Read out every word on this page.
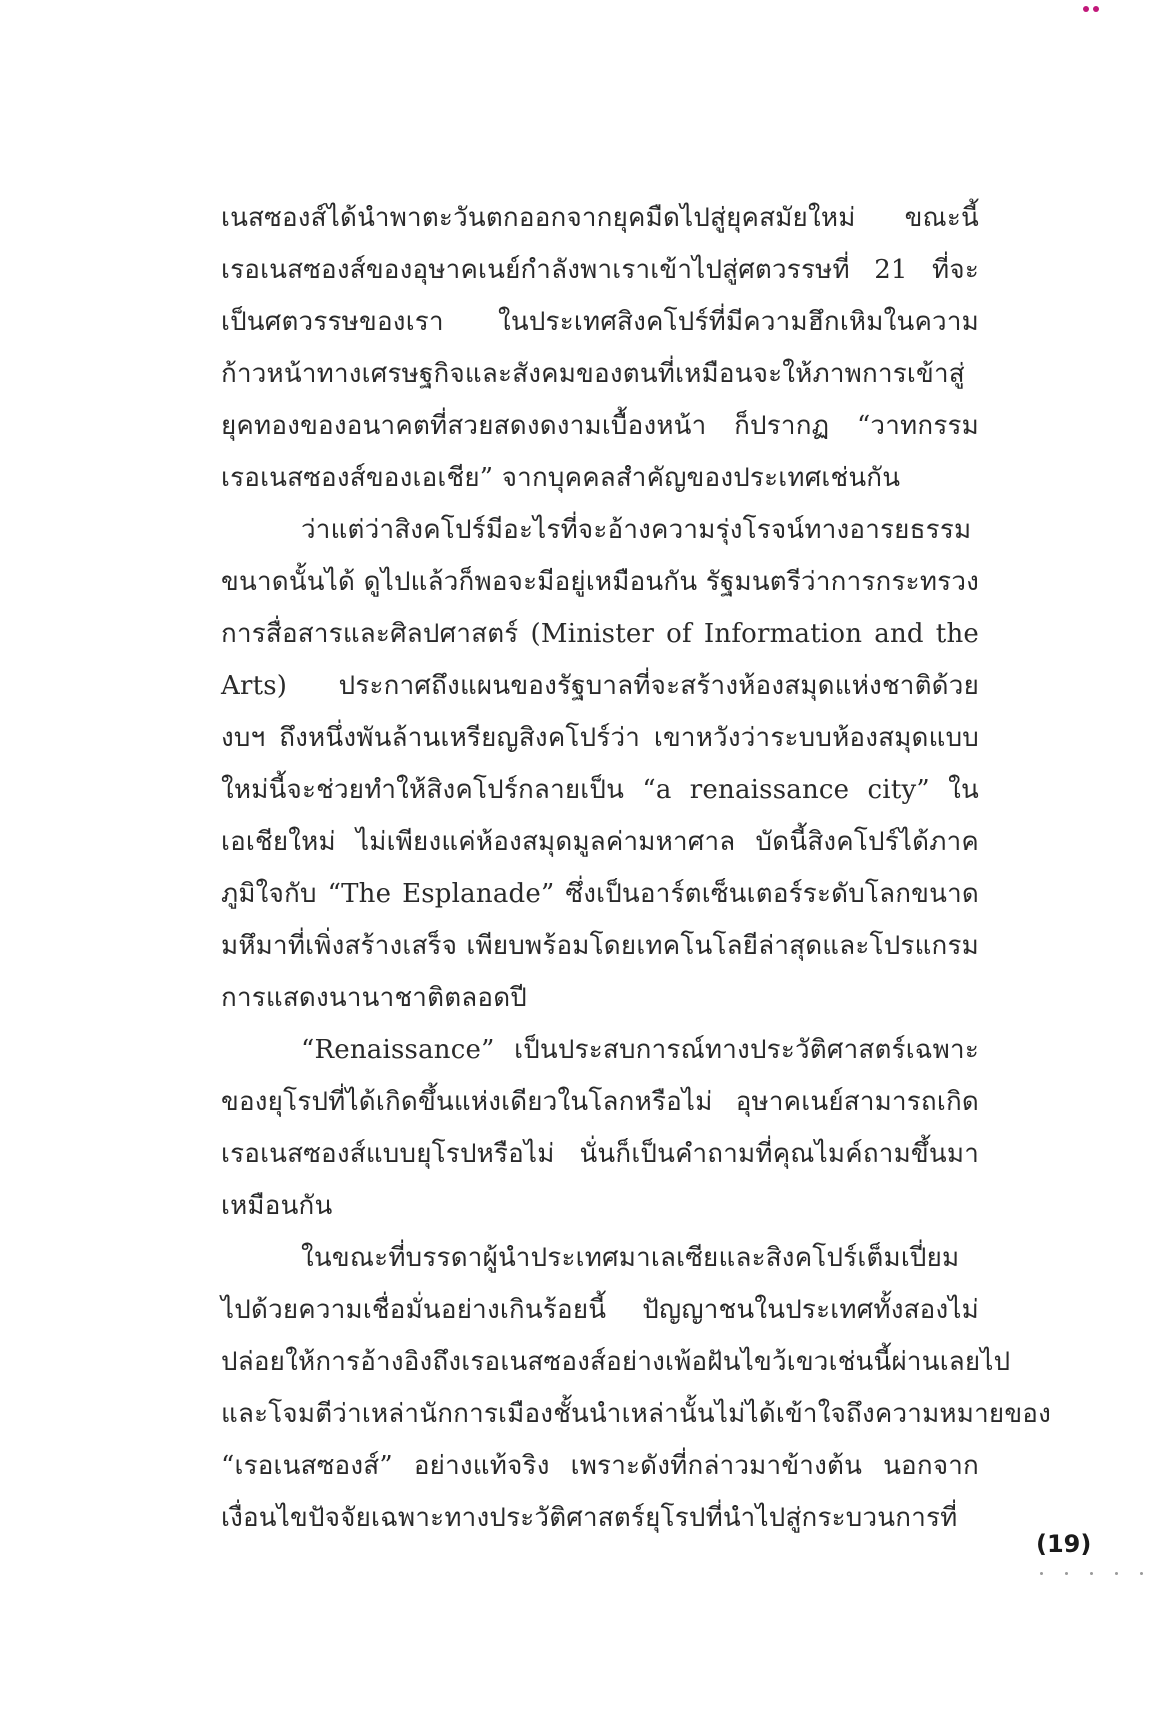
เนสซองส์ได้นำพาตะวันตกออกจากยุคมืดไปสู่ยุคสมัยใหม่ ขณะนี้
เรอเนสซองส์ของอุษาคเนย์กำลังพาเราเข้าไปสู่ศตวรรษที่ 21 ที่จะ
เป็นศตวรรษของเรา ในประเทศสิงคโปร์ที่มีความฮึกเหิมในความ
ก้าวหน้าทางเศรษฐกิจและสังคมของตนที่เหมือนจะให้ภาพการเข้าสู่
ยุคทองของอนาคตที่สวยสดงดงามเบื้องหน้า ก็ปรากฏ “วาทกรรม
เรอเนสซองส์ของเอเชีย” จากบุคคลสำคัญของประเทศเช่นกัน
ว่าแต่ว่าสิงคโปร์มีอะไรที่จะอ้างความรุ่งโรจน์ทางอารยธรรม
ขนาดนั้นได้ ดูไปแล้วก็พอจะมีอยู่เหมือนกัน รัฐมนตรีว่าการกระทรวง
การสื่อสารและศิลปศาสตร์ (Minister of Information and the
Arts) ประกาศถึงแผนของรัฐบาลที่จะสร้างห้องสมุดแห่งชาติด้วย
งบฯ ถึงหนึ่งพันล้านเหรียญสิงคโปร์ว่า เขาหวังว่าระบบห้องสมุดแบบ
ใหม่นี้จะช่วยทำให้สิงคโปร์กลายเป็น “a renaissance city” ใน
เอเชียใหม่ ไม่เพียงแค่ห้องสมุดมูลค่ามหาศาล บัดนี้สิงคโปร์ได้ภาค
ภูมิใจกับ “The Esplanade” ซึ่งเป็นอาร์ตเซ็นเตอร์ระดับโลกขนาด
มหึมาที่เพิ่งสร้างเสร็จ เพียบพร้อมโดยเทคโนโลยีล่าสุดและโปรแกรม
การแสดงนานาชาติตลอดปี
“Renaissance” เป็นประสบการณ์ทางประวัติศาสตร์เฉพาะ
ของยุโรปที่ได้เกิดขึ้นแห่งเดียวในโลกหรือไม่ อุษาคเนย์สามารถเกิด
เรอเนสซองส์แบบยุโรปหรือไม่ นั่นก็เป็นคำถามที่คุณไมค์ถามขึ้นมา
เหมือนกัน
ในขณะที่บรรดาผู้นำประเทศมาเลเซียและสิงคโปร์เต็มเปี่ยม
ไปด้วยความเชื่อมั่นอย่างเกินร้อยนี้ ปัญญาชนในประเทศทั้งสองไม่
ปล่อยให้การอ้างอิงถึงเรอเนสซองส์อย่างเพ้อฝันไขว้เขวเช่นนี้ผ่านเลยไป
และโจมตีว่าเหล่านักการเมืองชั้นนำเหล่านั้นไม่ได้เข้าใจถึงความหมายของ
“เรอเนสซองส์” อย่างแท้จริง เพราะดังที่กล่าวมาข้างต้น นอกจาก
เงื่อนไขปัจจัยเฉพาะทางประวัติศาสตร์ยุโรปที่นำไปสู่กระบวนการที่
(19)
